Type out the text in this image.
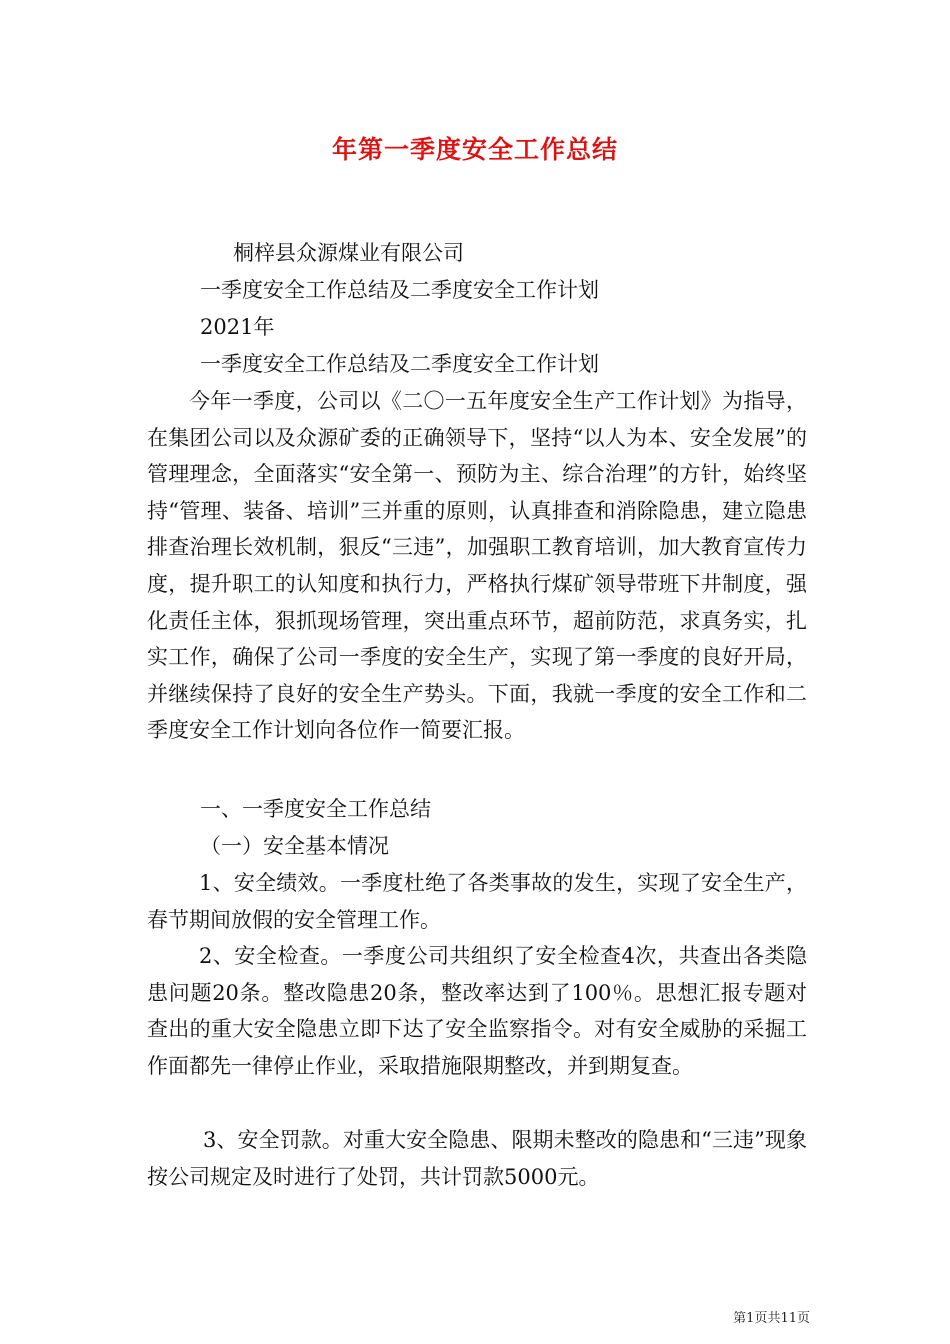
年第一季度安全工作总结
桐梓县众源煤业有限公司
一季度安全工作总结及二季度安全工作计划
2021年
一季度安全工作总结及二季度安全工作计划

今年一季度，公司以《二〇一五年度安全生产工作计划》为指导，在集团公司以及众源矿委的正确领导下，坚持“以人为本、安全发展”的管理理念，全面落实“安全第一、预防为主、综合治理”的方针，始终坚持“管理、装备、培训”三并重的原则，认真排查和消除隐患，建立隐患排查治理长效机制，狠反“三违”，加强职工教育培训，加大教育宣传力度，提升职工的认知度和执行力，严格执行煤矿领导带班下井制度，强化责任主体，狠抓现场管理，突出重点环节，超前防范，求真务实，扎实工作，确保了公司一季度的安全生产，实现了第一季度的良好开局，并继续保持了良好的安全生产势头。下面，我就一季度的安全工作和二季度安全工作计划向各位作一简要汇报。

一、一季度安全工作总结
（一）安全基本情况

1、安全绩效。一季度杜绝了各类事故的发生，实现了安全生产，春节期间放假的安全管理工作。

2、安全检查。一季度公司共组织了安全检查4次，共查出各类隐患问题20条。整改隐患20条，整改率达到了100％。思想汇报专题对查出的重大安全隐患立即下达了安全监察指令。对有安全威胁的采掘工作面都先一律停止作业，采取措施限期整改，并到期复查。

3、安全罚款。对重大安全隐患、限期未整改的隐患和“三违”现象按公司规定及时进行了处罚，共计罚款5000元。

第1页共11页
